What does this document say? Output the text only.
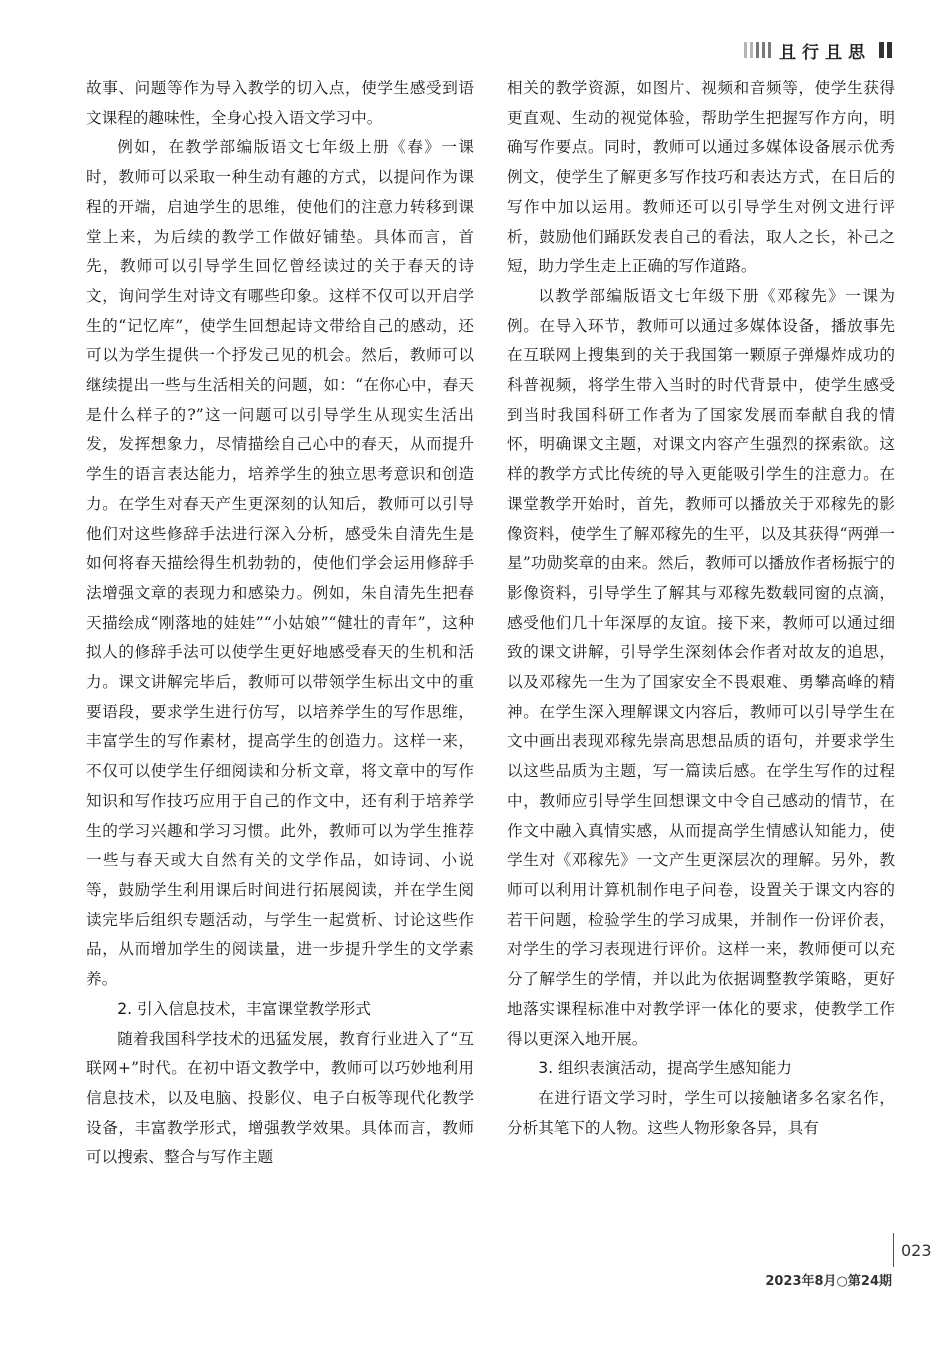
且行且思

故事、问题等作为导入教学的切入点，使学生感受到语文课程的趣味性，全身心投入语文学习中。

例如，在教学部编版语文七年级上册《春》一课时，教师可以采取一种生动有趣的方式，以提问作为课程的开端，启迪学生的思维，使他们的注意力转移到课堂上来，为后续的教学工作做好铺垫。具体而言，首先，教师可以引导学生回忆曾经读过的关于春天的诗文，询问学生对诗文有哪些印象。这样不仅可以开启学生的“记忆库”，使学生回想起诗文带给自己的感动，还可以为学生提供一个抒发己见的机会。然后，教师可以继续提出一些与生活相关的问题，如：“在你心中，春天是什么样子的?”这一问题可以引导学生从现实生活出发，发挥想象力，尽情描绘自己心中的春天，从而提升学生的语言表达能力，培养学生的独立思考意识和创造力。在学生对春天产生更深刻的认知后，教师可以引导他们对这些修辞手法进行深入分析，感受朱自清先生是如何将春天描绘得生机勃勃的，使他们学会运用修辞手法增强文章的表现力和感染力。例如，朱自清先生把春天描绘成“刚落地的娃娃”“小姑娘”“健壮的青年”，这种拟人的修辞手法可以使学生更好地感受春天的生机和活力。课文讲解完毕后，教师可以带领学生标出文中的重要语段，要求学生进行仿写，以培养学生的写作思维，丰富学生的写作素材，提高学生的创造力。这样一来，不仅可以使学生仔细阅读和分析文章，将文章中的写作知识和写作技巧应用于自己的作文中，还有利于培养学生的学习兴趣和学习习惯。此外，教师可以为学生推荐一些与春天或大自然有关的文学作品，如诗词、小说等，鼓励学生利用课后时间进行拓展阅读，并在学生阅读完毕后组织专题活动，与学生一起赏析、讨论这些作品，从而增加学生的阅读量，进一步提升学生的文学素养。

2. 引入信息技术，丰富课堂教学形式

随着我国科学技术的迅猛发展，教育行业进入了“互联网+”时代。在初中语文教学中，教师可以巧妙地利用信息技术，以及电脑、投影仪、电子白板等现代化教学设备，丰富教学形式，增强教学效果。具体而言，教师可以搜索、整合与写作主题

相关的教学资源，如图片、视频和音频等，使学生获得更直观、生动的视觉体验，帮助学生把握写作方向，明确写作要点。同时，教师可以通过多媒体设备展示优秀例文，使学生了解更多写作技巧和表达方式，在日后的写作中加以运用。教师还可以引导学生对例文进行评析，鼓励他们踊跃发表自己的看法，取人之长，补己之短，助力学生走上正确的写作道路。

以教学部编版语文七年级下册《邓稼先》一课为例。在导入环节，教师可以通过多媒体设备，播放事先在互联网上搜集到的关于我国第一颗原子弹爆炸成功的科普视频，将学生带入当时的时代背景中，使学生感受到当时我国科研工作者为了国家发展而奉献自我的情怀，明确课文主题，对课文内容产生强烈的探索欲。这样的教学方式比传统的导入更能吸引学生的注意力。在课堂教学开始时，首先，教师可以播放关于邓稼先的影像资料，使学生了解邓稼先的生平，以及其获得“两弹一星”功勋奖章的由来。然后，教师可以播放作者杨振宁的影像资料，引导学生了解其与邓稼先数载同窗的点滴，感受他们几十年深厚的友谊。接下来，教师可以通过细致的课文讲解，引导学生深刻体会作者对故友的追思，以及邓稼先一生为了国家安全不畏艰难、勇攀高峰的精神。在学生深入理解课文内容后，教师可以引导学生在文中画出表现邓稼先崇高思想品质的语句，并要求学生以这些品质为主题，写一篇读后感。在学生写作的过程中，教师应引导学生回想课文中令自己感动的情节，在作文中融入真情实感，从而提高学生情感认知能力，使学生对《邓稼先》一文产生更深层次的理解。另外，教师可以利用计算机制作电子问卷，设置关于课文内容的若干问题，检验学生的学习成果，并制作一份评价表，对学生的学习表现进行评价。这样一来，教师便可以充分了解学生的学情，并以此为依据调整教学策略，更好地落实课程标准中对教学评一体化的要求，使教学工作得以更深入地开展。

3. 组织表演活动，提高学生感知能力

在进行语文学习时，学生可以接触诸多名家名作，分析其笔下的人物。这些人物形象各异，具有

023
2023年8月○第24期
